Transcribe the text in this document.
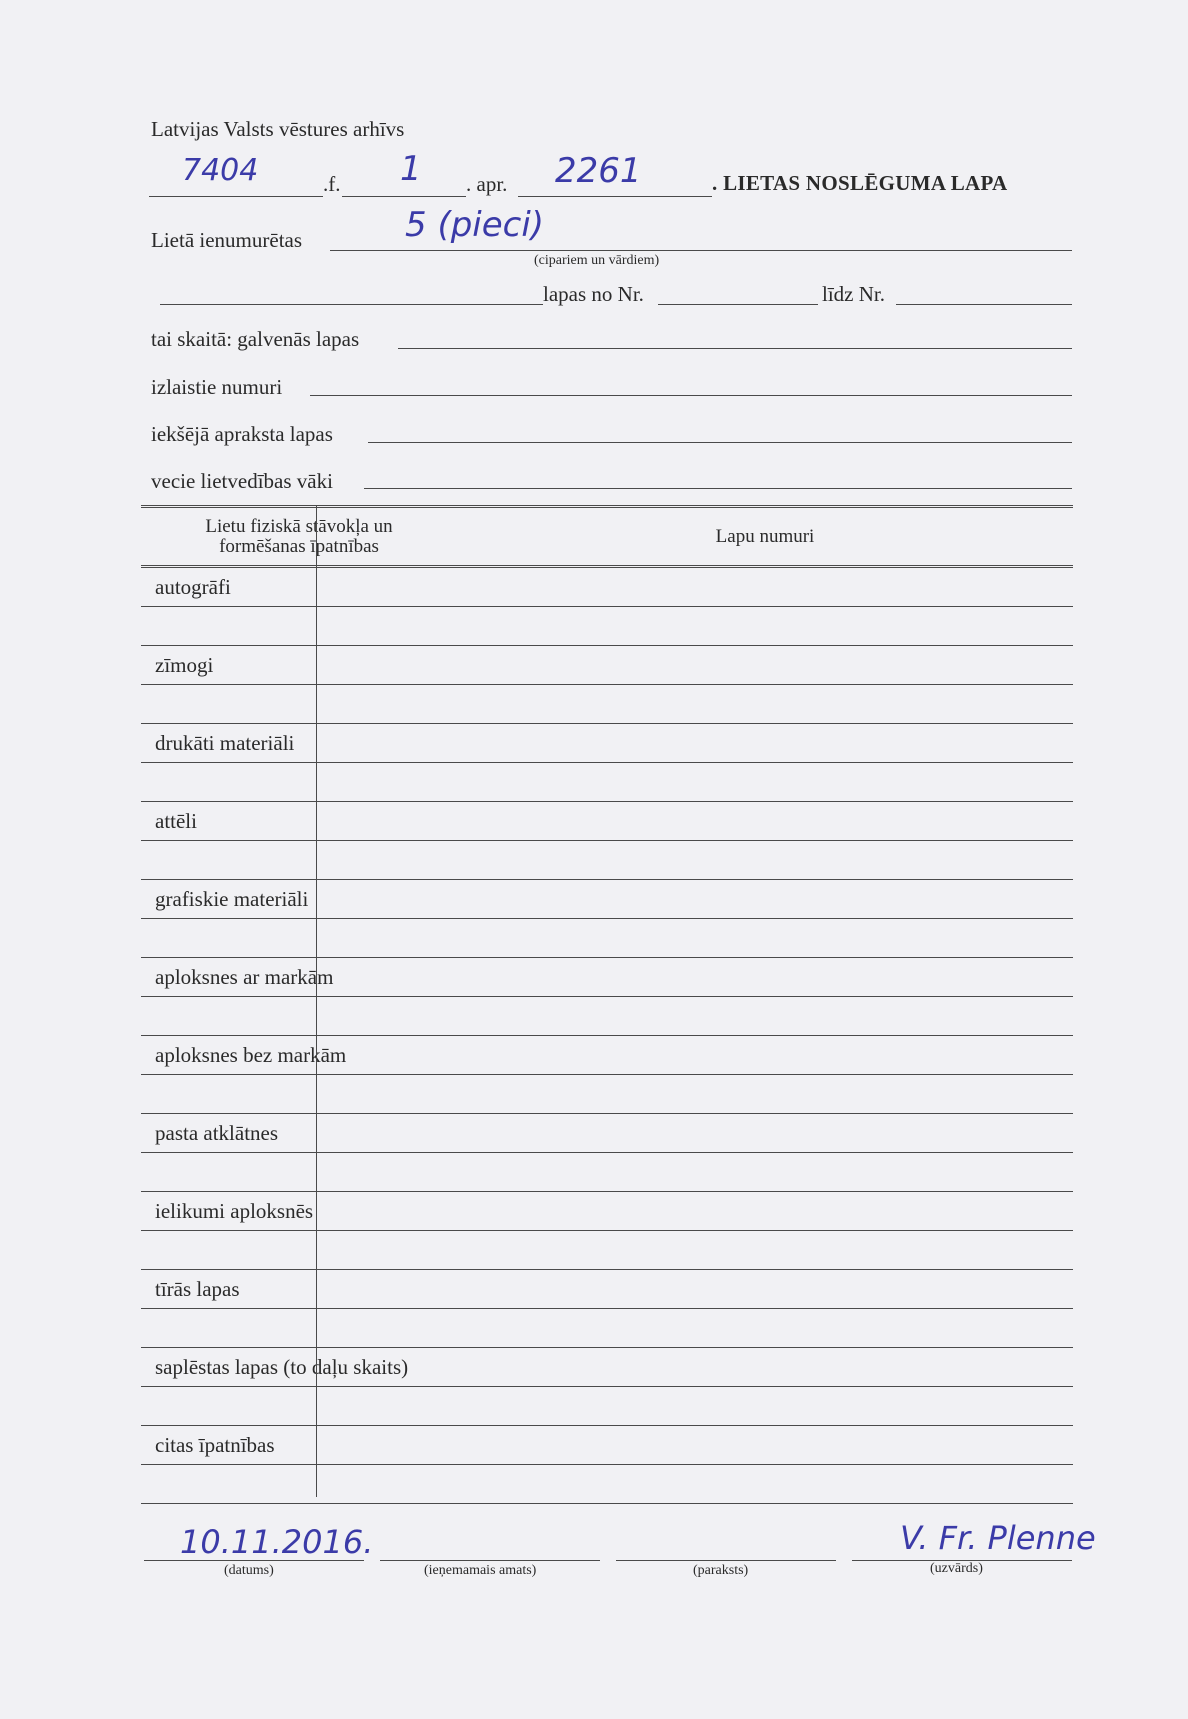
Latvijas Valsts vēstures arhīvs
7404	.f. 1 . apr. 2261	. LIETAS NOSLĒGUMA LAPA
Lietā ienumurētas	5 (pieci)
(cipariem un vārdiem)
lapas no Nr.	līdz Nr.
tai skaitā: galvenās lapas
izlaistie numuri
iekšējā apraksta lapas
vecie lietvedības vāki
Lietu fiziskā stāvokļa un formēšanas īpatnības	Lapu numuri
autogrāfi
zīmogi
drukāti materiāli
attēli
grafiskie materiāli
aploksnes ar markām
aploksnes bez markām
pasta atklātnes
ielikumi aploksnēs
tīrās lapas
saplēstas lapas (to daļu skaits)
citas īpatnības
10.11.2016.
(datums)	(ieņemamais amats)	(paraksts)
V. Fr. Plenne
(uzvārds)
